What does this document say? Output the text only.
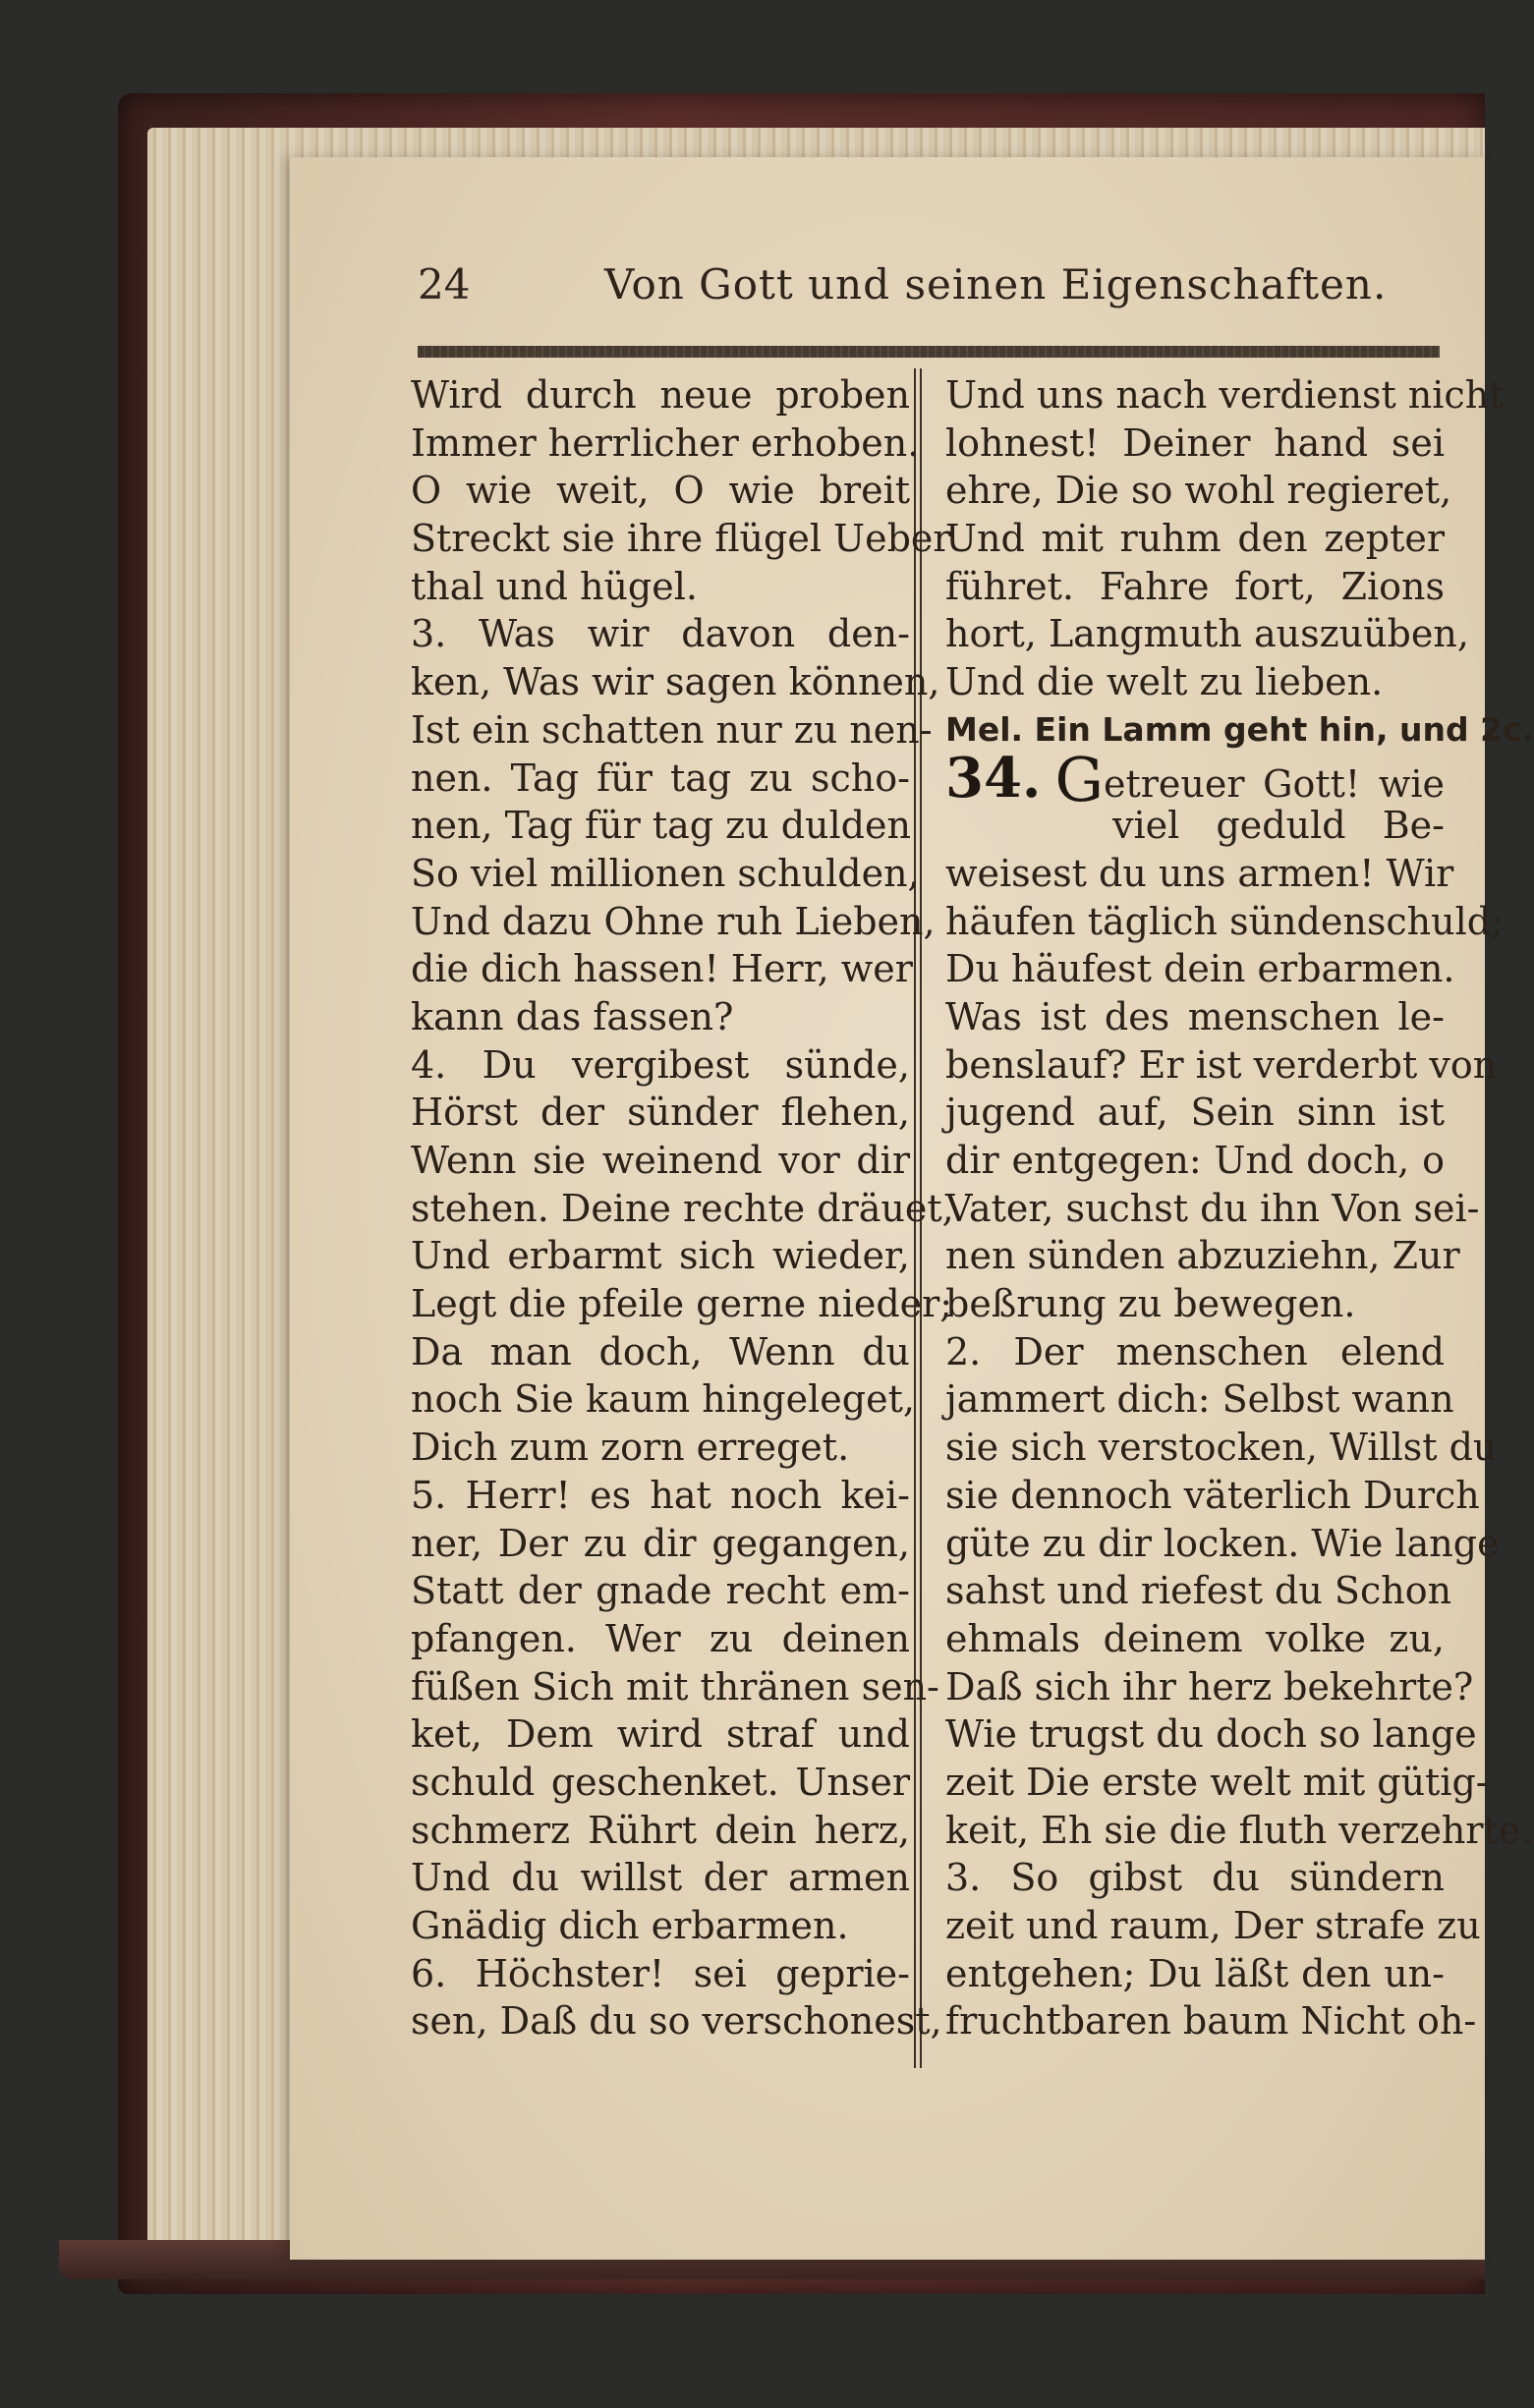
24	Von Gott und seinen Eigenschaften.
Wird durch neue proben
Immer herrlicher erhoben.
O wie weit, O wie breit
Streckt sie ihre flügel Ueber
thal und hügel.
3. Was wir davon den-
ken, Was wir sagen können,
Ist ein schatten nur zu nen-
nen. Tag für tag zu scho-
nen, Tag für tag zu dulden
So viel millionen schulden,
Und dazu Ohne ruh Lieben,
die dich hassen! Herr, wer
kann das fassen?
4. Du vergibest sünde,
Hörst der sünder flehen,
Wenn sie weinend vor dir
stehen. Deine rechte dräuet,
Und erbarmt sich wieder,
Legt die pfeile gerne nieder;
Da man doch, Wenn du
noch Sie kaum hingeleget,
Dich zum zorn erreget.
5. Herr! es hat noch kei-
ner, Der zu dir gegangen,
Statt der gnade recht em-
pfangen. Wer zu deinen
füßen Sich mit thränen sen-
ket, Dem wird straf und
schuld geschenket. Unser
schmerz Rührt dein herz,
Und du willst der armen
Gnädig dich erbarmen.
6. Höchster! sei geprie-
sen, Daß du so verschonest,
Und uns nach verdienst nicht
lohnest! Deiner hand sei
ehre, Die so wohl regieret,
Und mit ruhm den zepter
führet. Fahre fort, Zions
hort, Langmuth auszuüben,
Und die welt zu lieben.
Mel. Ein Lamm geht hin, und 2c.
34. Getreuer Gott! wie
viel geduld Be-
weisest du uns armen! Wir
häufen täglich sündenschuld;
Du häufest dein erbarmen.
Was ist des menschen le-
benslauf? Er ist verderbt von
jugend auf, Sein sinn ist
dir entgegen: Und doch, o
Vater, suchst du ihn Von sei-
nen sünden abzuziehn, Zur
beßrung zu bewegen.
2. Der menschen elend
jammert dich: Selbst wann
sie sich verstocken, Willst du
sie dennoch väterlich Durch
güte zu dir locken. Wie lange
sahst und riefest du Schon
ehmals deinem volke zu,
Daß sich ihr herz bekehrte?
Wie trugst du doch so lange
zeit Die erste welt mit gütig-
keit, Eh sie die fluth verzehrte.
3. So gibst du sündern
zeit und raum, Der strafe zu
entgehen; Du läßt den un-
fruchtbaren baum Nicht oh-
